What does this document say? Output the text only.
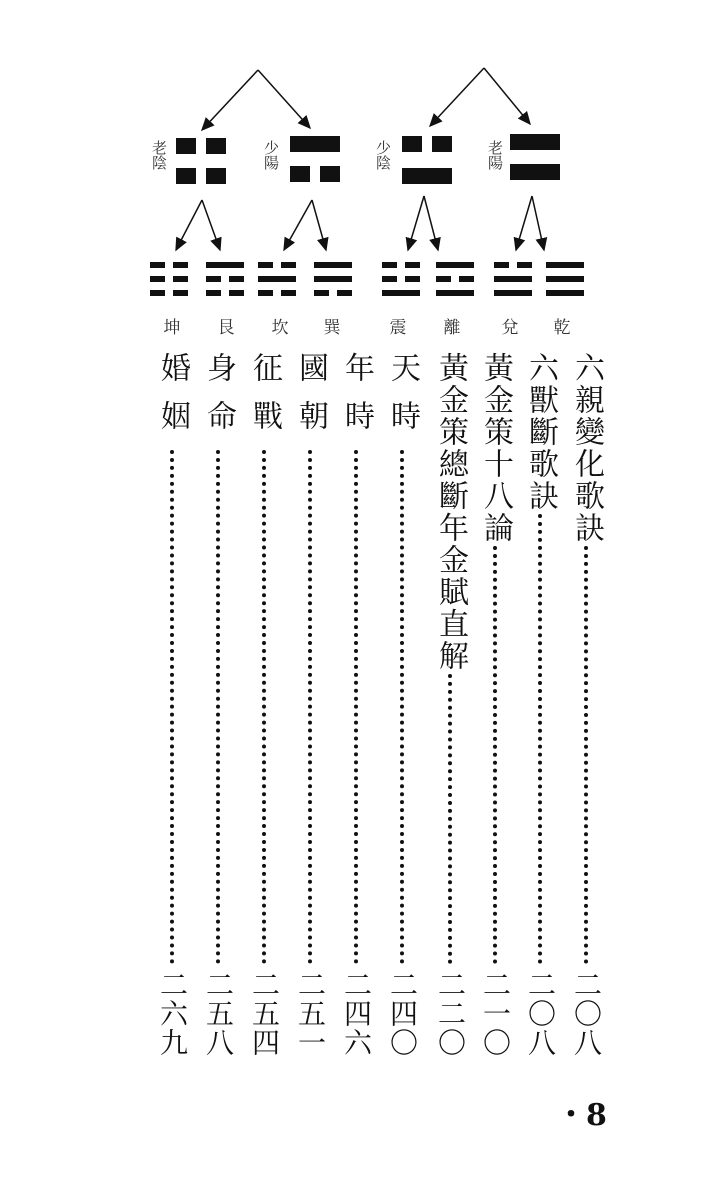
老陰	少陽	少陰	老陽
坤 艮 坎 巽	震 離 兌 乾
六親變化歌訣
二〇八
六獸斷歌訣
二〇八
黃金策十八論
二一〇
黃金策總斷年金賦直解
二二〇
天時
二四〇
年時
二四六
國朝
二五一
征戰
二五四
身命
二五八
婚姻
二六九
・8
